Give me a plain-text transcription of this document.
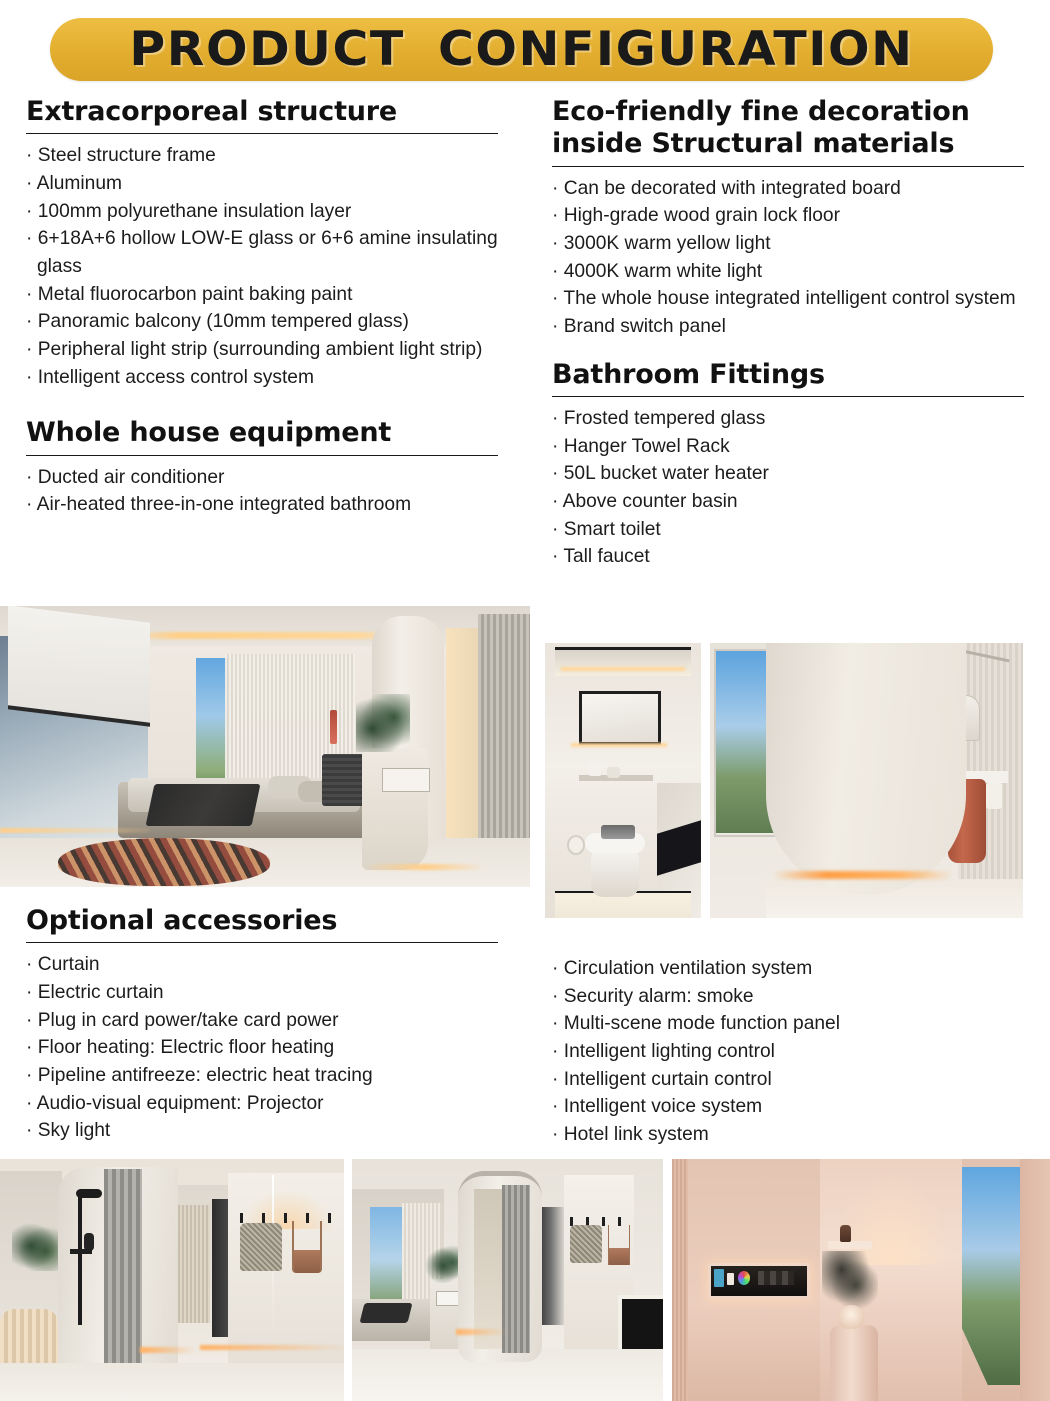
PRODUCT CONFIGURATION
Extracorporeal structure
· Steel structure frame
· Aluminum
· 100mm polyurethane insulation layer
· 6+18A+6 hollow LOW-E glass or 6+6 amine insulating glass
· Metal fluorocarbon paint baking paint
· Panoramic balcony (10mm tempered glass)
· Peripheral light strip (surrounding ambient light strip)
· Intelligent access control system
Whole house equipment
· Ducted air conditioner
· Air-heated three-in-one integrated bathroom
Eco-friendly fine decoration inside Structural materials
· Can be decorated with integrated board
· High-grade wood grain lock floor
· 3000K warm yellow light
· 4000K warm white light
· The whole house integrated intelligent control system
· Brand switch panel
Bathroom Fittings
· Frosted tempered glass
· Hanger Towel Rack
· 50L bucket water heater
· Above counter basin
· Smart toilet
· Tall faucet
Optional accessories
· Curtain
· Electric curtain
· Plug in card power/take card power
· Floor heating: Electric floor heating
· Pipeline antifreeze: electric heat tracing
· Audio-visual equipment: Projector
· Sky light
· Circulation ventilation system
· Security alarm: smoke
· Multi-scene mode function panel
· Intelligent lighting control
· Intelligent curtain control
· Intelligent voice system
· Hotel link system
